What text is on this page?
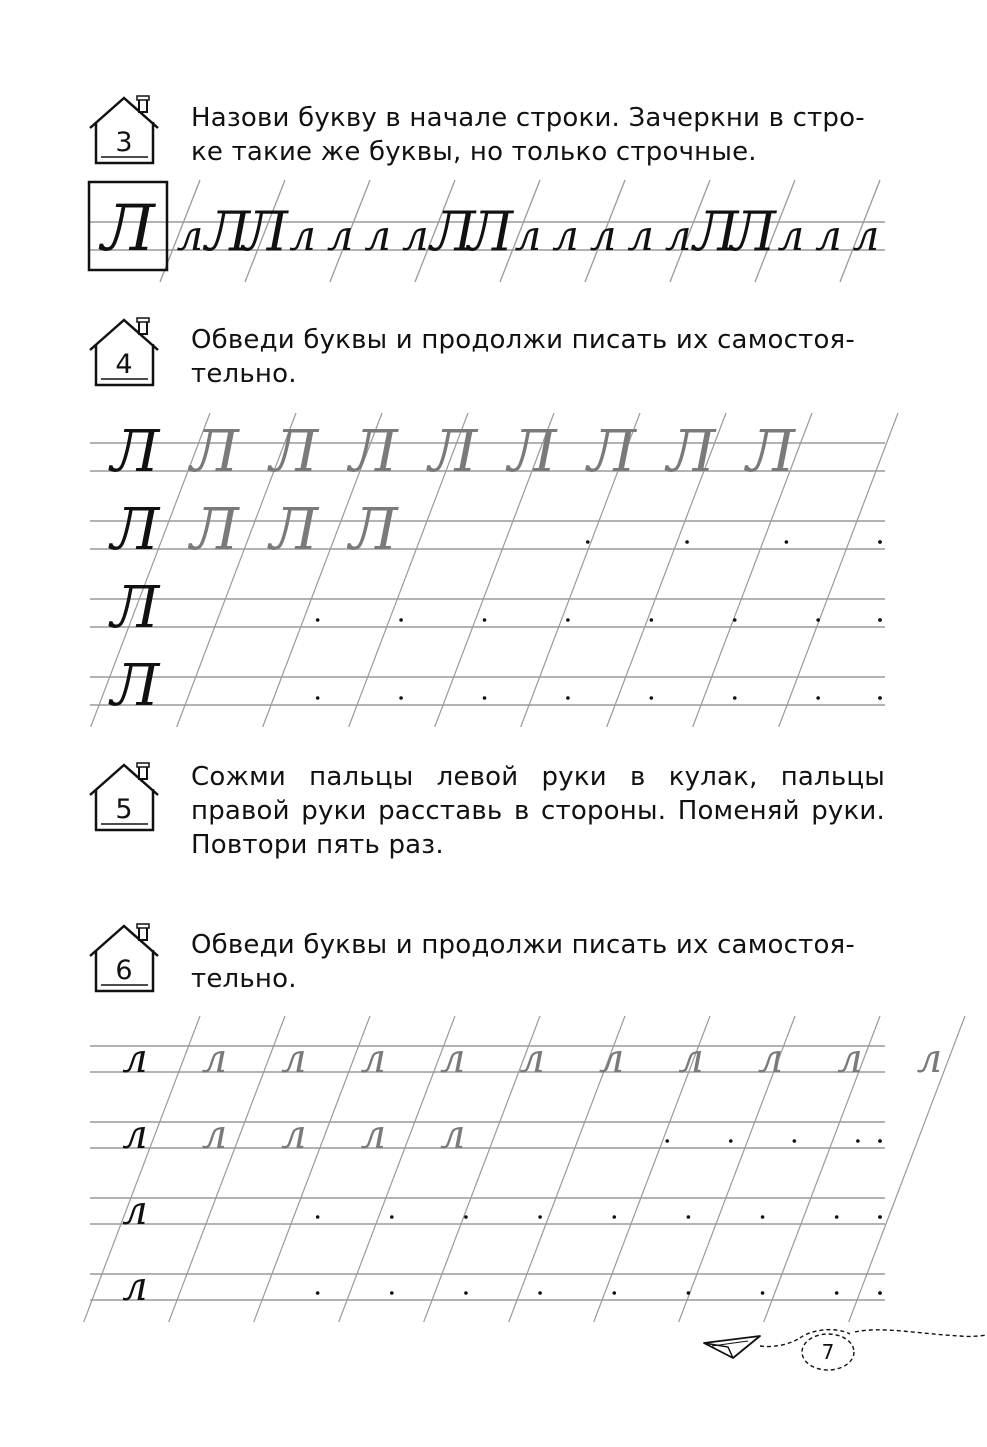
3
Л л Л
Л л л л л Л
Л л л л л л Л
Л л л л
4
Л Л Л Л Л Л Л Л Л
Л Л Л Л
Л
Л
5
6
л л л л л л л л л л л
л л л л л
л
л
Назови букву в начале строки. Зачеркни в стро-
ке такие же буквы, но только строчные.
Обведи буквы и продолжи писать их самостоя-
тельно.
Сожми пальцы левой руки в кулак, пальцы
правой руки расставь в стороны. Поменяй руки.
Повтори пять раз.
Обведи буквы и продолжи писать их самостоя-
тельно.
7
